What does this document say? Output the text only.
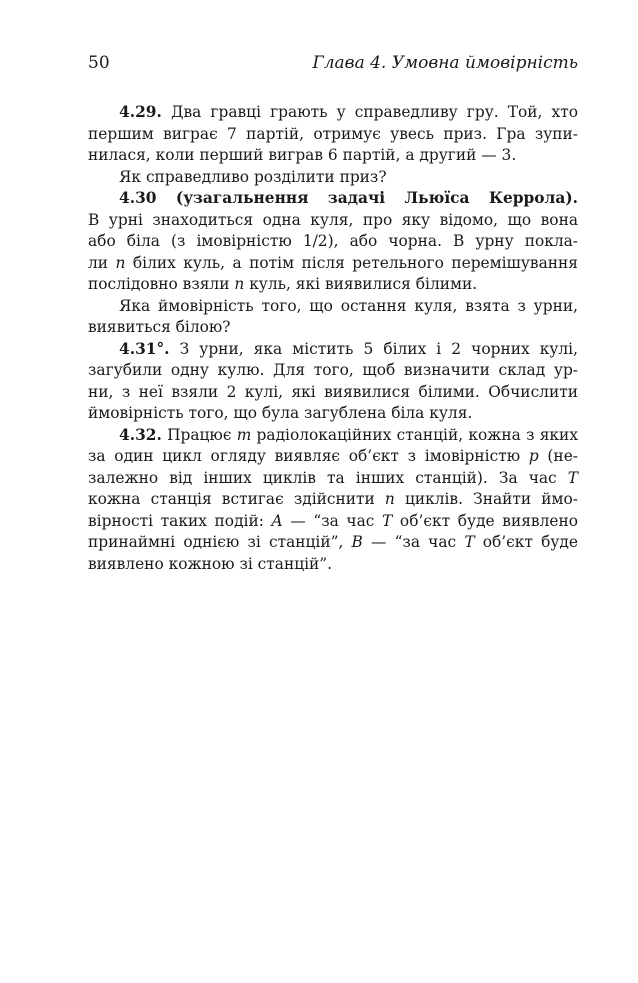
50	Глава 4. Умовна ймовірність
4.29. Два гравці грають у справедливу гру. Той, хто
першим виграє 7 партій, отримує увесь приз. Гра зупи-
нилася, коли перший виграв 6 партій, а другий — 3.
Як справедливо розділити приз?
4.30 (узагальнення задачі Льюїса Керрола).
В урні знаходиться одна куля, про яку відомо, що вона
або біла (з імовірністю 1/2), або чорна. В урну покла-
ли n білих куль, а потім після ретельного перемішування
послідовно взяли n куль, які виявилися білими.
Яка ймовірність того, що остання куля, взята з урни,
виявиться білою?
4.31°. З урни, яка містить 5 білих і 2 чорних кулі,
загубили одну кулю. Для того, щоб визначити склад ур-
ни, з неї взяли 2 кулі, які виявилися білими. Обчислити
ймовірність того, що була загублена біла куля.
4.32. Працює m радіолокаційних станцій, кожна з яких
за один цикл огляду виявляє об’єкт з імовірністю p (не-
залежно від інших циклів та інших станцій). За час T
кожна станція встигає здійснити n циклів. Знайти ймо-
вірності таких подій: A — “за час T об’єкт буде виявлено
принаймні однією зі станцій”, B — “за час T об’єкт буде
виявлено кожною зі станцій”.
